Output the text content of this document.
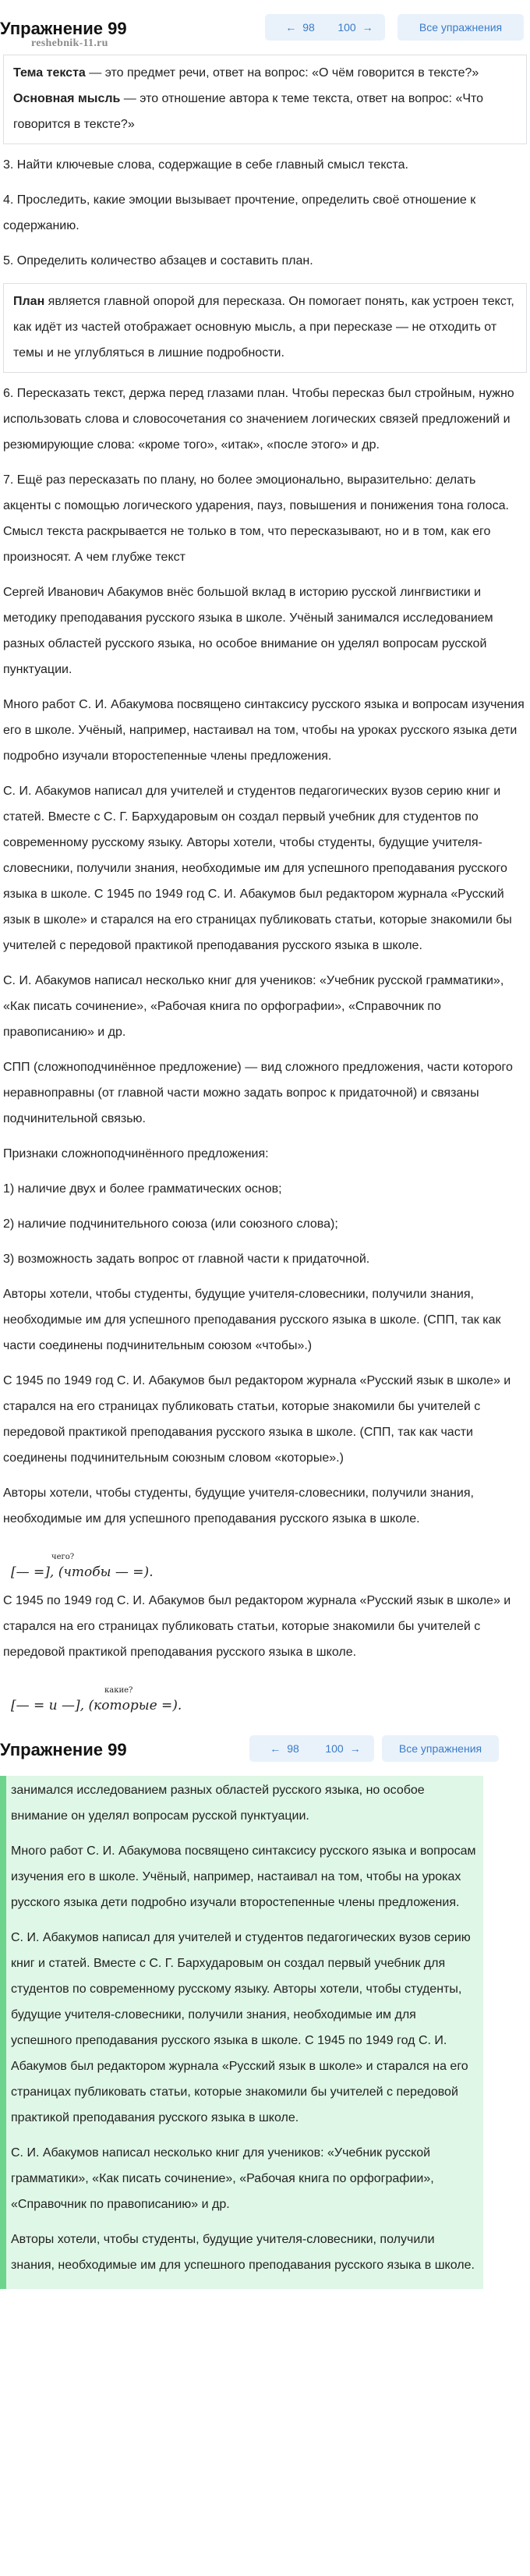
Упражнение 99	← 98 100 →	Все упражнения
reshebnik-11.ru
Тема текста — это предмет речи, ответ на вопрос: «О чём говорится в тексте?»
Основная мысль — это отношение автора к теме текста, ответ на вопрос: «Что говорится в тексте?»

3. Найти ключевые слова, содержащие в себе главный смысл текста.

4. Проследить, какие эмоции вызывает прочтение, определить своё отношение к содержанию.

5. Определить количество абзацев и составить план.

План является главной опорой для пересказа. Он помогает понять, как устроен текст, как идёт из частей отображает основную мысль, а при пересказе — не отходить от темы и не углубляться в лишние подробности.

6. Пересказать текст, держа перед глазами план. Чтобы пересказ был стройным, нужно использовать слова и словосочетания со значением логических связей предложений и резюмирующие слова: «кроме того», «итак», «после этого» и др.

7. Ещё раз пересказать по плану, но более эмоционально, выразительно: делать акценты с помощью логического ударения, пауз, повышения и понижения тона голоса. Смысл текста раскрывается не только в том, что пересказывают, но и в том, как его произносят. А чем глубже текст

Сергей Иванович Абакумов внёс большой вклад в историю русской лингвистики и методику преподавания русского языка в школе. Учёный занимался исследованием разных областей русского языка, но особое внимание он уделял вопросам русской пунктуации.

Много работ С. И. Абакумова посвящено синтаксису русского языка и вопросам изучения его в школе. Учёный, например, настаивал на том, чтобы на уроках русского языка дети подробно изучали второстепенные члены предложения.

С. И. Абакумов написал для учителей и студентов педагогических вузов серию книг и статей. Вместе с С. Г. Бархударовым он создал первый учебник для студентов по современному русскому языку. Авторы хотели, чтобы студенты, будущие учителя-словесники, получили знания, необходимые им для успешного преподавания русского языка в школе. С 1945 по 1949 год С. И. Абакумов был редактором журнала «Русский язык в школе» и старался на его страницах публиковать статьи, которые знакомили бы учителей с передовой практикой преподавания русского языка в школе.

С. И. Абакумов написал несколько книг для учеников: «Учебник русской грамматики», «Как писать сочинение», «Рабочая книга по орфографии», «Справочник по правописанию» и др.

СПП (сложноподчинённое предложение) — вид сложного предложения, части которого неравноправны (от главной части можно задать вопрос к придаточной) и связаны подчинительной связью.

Признаки сложноподчинённого предложения:

1) наличие двух и более грамматических основ;

2) наличие подчинительного союза (или союзного слова);

3) возможность задать вопрос от главной части к придаточной.

Авторы хотели, чтобы студенты, будущие учителя-словесники, получили знания, необходимые им для успешного преподавания русского языка в школе. (СПП, так как части соединены подчинительным союзом «чтобы».)

С 1945 по 1949 год С. И. Абакумов был редактором журнала «Русский язык в школе» и старался на его страницах публиковать статьи, которые знакомили бы учителей с передовой практикой преподавания русского языка в школе. (СПП, так как части соединены подчинительным союзным словом «которые».)

Авторы хотели, чтобы студенты, будущие учителя-словесники, получили знания, необходимые им для успешного преподавания русского языка в школе.

чего?
[— =], (чтобы — =).

С 1945 по 1949 год С. И. Абакумов был редактором журнала «Русский язык в школе» и старался на его страницах публиковать статьи, которые знакомили бы учителей с передовой практикой преподавания русского языка в школе.

какие?
[— = и —], (которые =).
Упражнение 99	← 98 100 →	Все упражнения

занимался исследованием разных областей русского языка, но особое внимание он уделял вопросам русской пунктуации.

Много работ С. И. Абакумова посвящено синтаксису русского языка и вопросам изучения его в школе. Учёный, например, настаивал на том, чтобы на уроках русского языка дети подробно изучали второстепенные члены предложения.

С. И. Абакумов написал для учителей и студентов педагогических вузов серию книг и статей. Вместе с С. Г. Бархударовым он создал первый учебник для студентов по современному русскому языку. Авторы хотели, чтобы студенты, будущие учителя-словесники, получили знания, необходимые им для успешного преподавания русского языка в школе. С 1945 по 1949 год С. И. Абакумов был редактором журнала «Русский язык в школе» и старался на его страницах публиковать статьи, которые знакомили бы учителей с передовой практикой преподавания русского языка в школе.

С. И. Абакумов написал несколько книг для учеников: «Учебник русской грамматики», «Как писать сочинение», «Рабочая книга по орфографии», «Справочник по правописанию» и др.

Авторы хотели, чтобы студенты, будущие учителя-словесники, получили знания, необходимые им для успешного преподавания русского языка в школе.
